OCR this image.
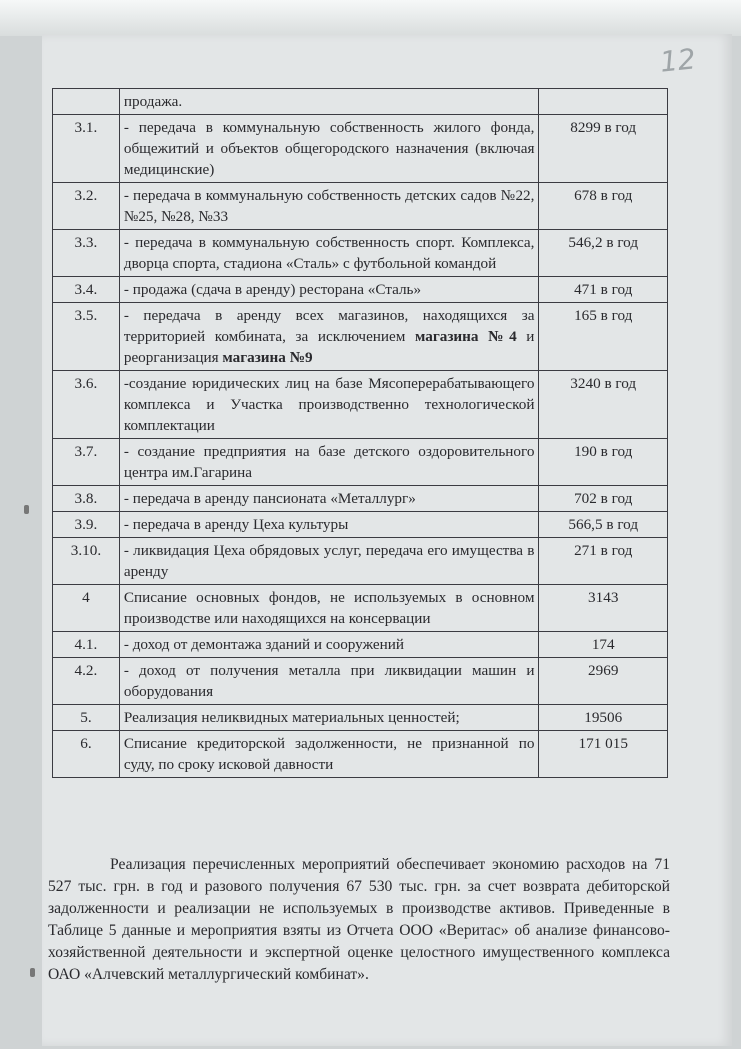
12
	продажа.	
3.1.	- передача в коммунальную собственность жилого фонда, общежитий и объектов общегородского назначения (включая медицинские)	8299 в год
3.2.	- передача в коммунальную собственность детских садов №22, №25, №28, №33	678 в год
3.3.	- передача в коммунальную собственность спорт. Комплекса, дворца спорта, стадиона «Сталь» с футбольной командой	546,2 в год
3.4.	- продажа (сдача в аренду) ресторана «Сталь»	471 в год
3.5.	- передача в аренду всех магазинов, находящихся за территорией комбината, за исключением магазина №4 и реорганизация магазина №9	165 в год
3.6.	-создание юридических лиц на базе Мясоперерабатывающего комплекса и Участка производственно технологической комплектации	3240 в год
3.7.	- создание предприятия на базе детского оздоровительного центра им.Гагарина	190 в год
3.8.	- передача в аренду пансионата «Металлург»	702 в год
3.9.	- передача в аренду Цеха культуры	566,5 в год
3.10.	- ликвидация Цеха обрядовых услуг, передача его имущества в аренду	271 в год
4	Списание основных фондов, не используемых в основном производстве или находящихся на консервации	3143
4.1.	- доход от демонтажа зданий и сооружений	174
4.2.	- доход от получения металла при ликвидации машин и оборудования	2969
5.	Реализация неликвидных материальных ценностей;	19506
6.	Списание кредиторской задолженности, не признанной по суду, по сроку исковой давности	171 015
Реализация перечисленных мероприятий обеспечивает экономию расходов на 71 527 тыс. грн. в год и разового получения 67 530 тыс. грн. за счет возврата дебиторской задолженности и реализации не используемых в производстве активов. Приведенные в Таблице 5 данные и мероприятия взяты из Отчета ООО «Веритас» об анализе финансово-хозяйственной деятельности и экспертной оценке целостного имущественного комплекса ОАО «Алчевский металлургический комбинат».
